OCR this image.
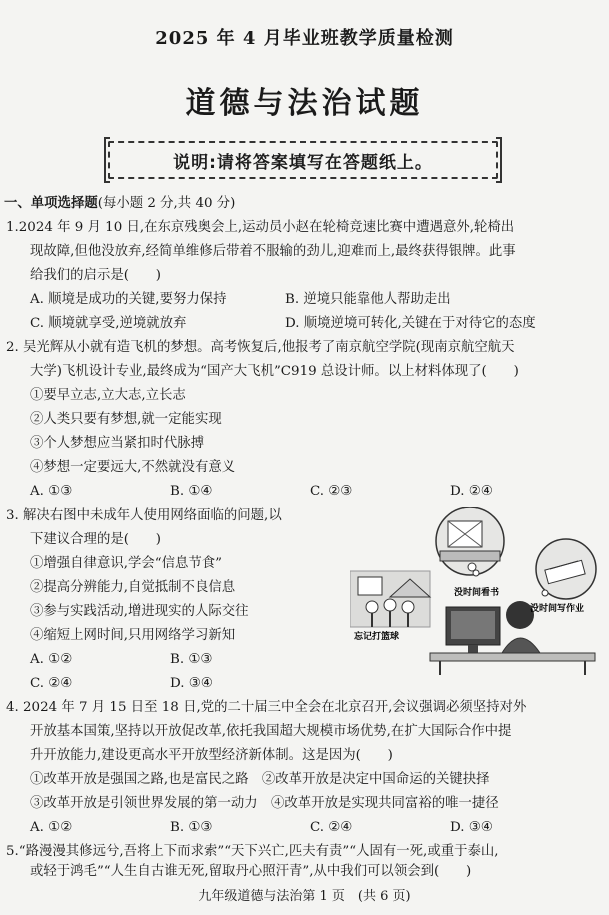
2025 年 4 月毕业班教学质量检测
道德与法治试题
说明:请将答案填写在答题纸上。
一、单项选择题(每小题 2 分,共 40 分)
1.2024 年 9 月 10 日,在东京残奥会上,运动员小赵在轮椅竞速比赛中遭遇意外,轮椅出
现故障,但他没放弃,经简单维修后带着不服输的劲儿,迎难而上,最终获得银牌。此事
给我们的启示是(　　)
A. 顺境是成功的关键,要努力保持	B. 逆境只能靠他人帮助走出
C. 顺境就享受,逆境就放弃	D. 顺境逆境可转化,关键在于对待它的态度
2. 吴光辉从小就有造飞机的梦想。高考恢复后,他报考了南京航空学院(现南京航空航天
大学)飞机设计专业,最终成为“国产大飞机”C919 总设计师。以上材料体现了(　　)
①要早立志,立大志,立长志
②人类只要有梦想,就一定能实现
③个人梦想应当紧扣时代脉搏
④梦想一定要远大,不然就没有意义
A. ①③	B. ①④	C. ②③	D. ②④
3. 解决右图中未成年人使用网络面临的问题,以
下建议合理的是(　　)
①增强自律意识,学会“信息节食”
②提高分辨能力,自觉抵制不良信息
③参与实践活动,增进现实的人际交往
④缩短上网时间,只用网络学习新知
A. ①②	B. ①③
C. ②④	D. ③④
没时间看书
没时间写作业
忘记打篮球
4. 2024 年 7 月 15 日至 18 日,党的二十届三中全会在北京召开,会议强调必须坚持对外
开放基本国策,坚持以开放促改革,依托我国超大规模市场优势,在扩大国际合作中提
升开放能力,建设更高水平开放型经济新体制。这是因为(　　)
①改革开放是强国之路,也是富民之路　②改革开放是决定中国命运的关键抉择
③改革开放是引领世界发展的第一动力　④改革开放是实现共同富裕的唯一捷径
A. ①②	B. ①③	C. ②④	D. ③④
5.“路漫漫其修远兮,吾将上下而求索”“天下兴亡,匹夫有责”“人固有一死,或重于泰山,
或轻于鸿毛”“人生自古谁无死,留取丹心照汗青”,从中我们可以领会到(　　)
九年级道德与法治第 1 页　(共 6 页)
